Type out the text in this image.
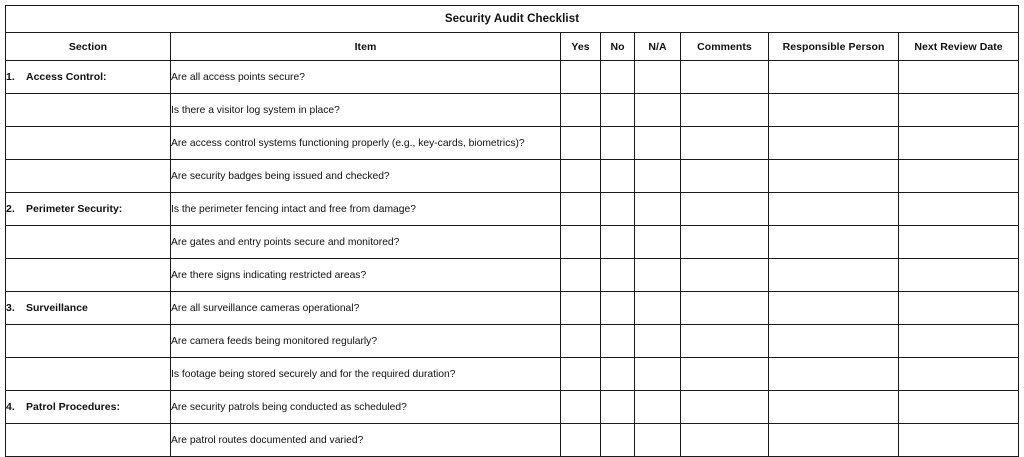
Security Audit Checklist							
Section	Item	Yes	No	N/A	Comments	Responsible Person	Next Review Date
1. Access Control:	Are all access points secure?						
	Is there a visitor log system in place?						
	Are access control systems functioning properly (e.g., key-cards, biometrics)?						
	Are security badges being issued and checked?						
2. Perimeter Security:	Is the perimeter fencing intact and free from damage?						
	Are gates and entry points secure and monitored?						
	Are there signs indicating restricted areas?						
3. Surveillance	Are all surveillance cameras operational?						
	Are camera feeds being monitored regularly?						
	Is footage being stored securely and for the required duration?						
4. Patrol Procedures:	Are security patrols being conducted as scheduled?						
	Are patrol routes documented and varied?						
